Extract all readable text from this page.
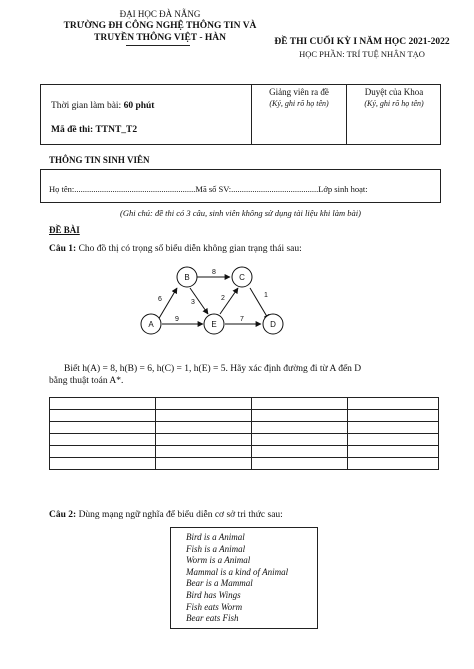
ĐẠI HỌC ĐÀ NẴNG
TRƯỜNG ĐH CÔNG NGHỆ THÔNG TIN VÀ
TRUYỀN THÔNG VIỆT - HÀN	ĐỀ THI CUỐI KỲ I NĂM HỌC 2021-2022
HỌC PHẦN: TRÍ TUỆ NHÂN TẠO
Thời gian làm bài: 60 phút
Mã đề thi: TTNT_T2
Giảng viên ra đề
(Ký, ghi rõ họ tên)
Duyệt của Khoa
(Ký, ghi rõ họ tên)
THÔNG TIN SINH VIÊN
Họ tên:.........................................................Mã số SV:.........................................Lớp sinh hoạt:
(Ghi chú: đề thi có 3 câu, sinh viên không sử dụng tài liệu khi làm bài)
ĐỀ BÀI
Câu 1: Cho đồ thị có trọng số biểu diễn không gian trạng thái sau:
A
B	C
E	D
6
9
8
3
2	1
7
Biết h(A) = 8, h(B) = 6, h(C) = 1, h(E) = 5. Hãy xác định đường đi từ A đến D
bằng thuật toán A*.

Câu 2: Dùng mạng ngữ nghĩa để biểu diễn cơ sở tri thức sau:
Bird is a Animal
Fish is a Animal
Worm is a Animal
Mammal is a kind of Animal
Bear is a Mammal
Bird has Wings
Fish eats Worm
Bear eats Fish
